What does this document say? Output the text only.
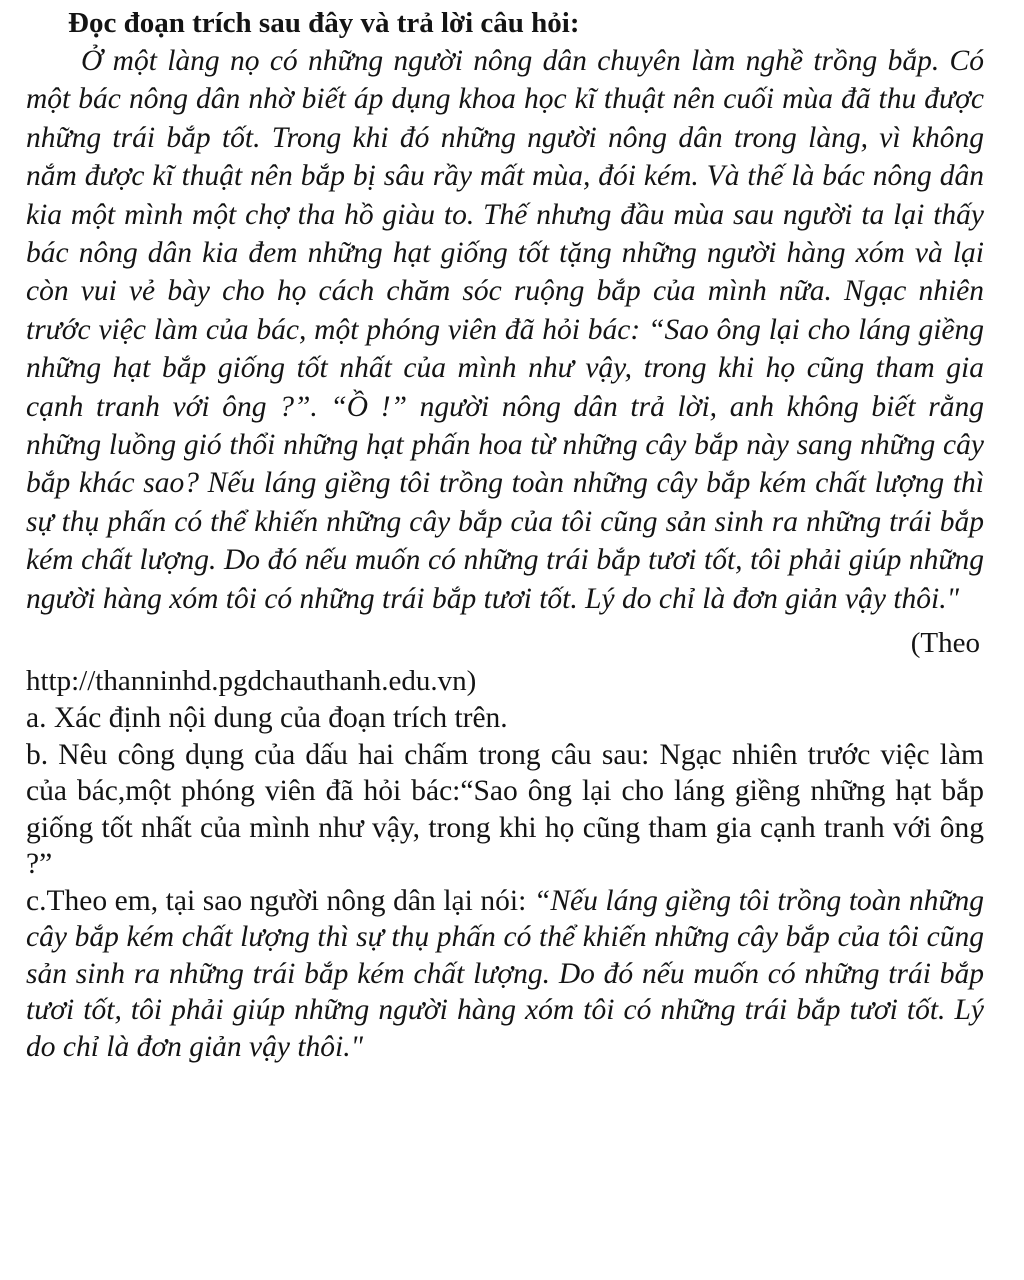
Đọc đoạn trích sau đây và trả lời câu hỏi:

Ở một làng nọ có những người nông dân chuyên làm nghề trồng bắp. Có một bác nông dân nhờ biết áp dụng khoa học kĩ thuật nên cuối mùa đã thu được những trái bắp tốt. Trong khi đó những người nông dân trong làng, vì không nắm được kĩ thuật nên bắp bị sâu rầy mất mùa, đói kém. Và thế là bác nông dân kia một mình một chợ tha hồ giàu to. Thế nhưng đầu mùa sau người ta lại thấy bác nông dân kia đem những hạt giống tốt tặng những người hàng xóm và lại còn vui vẻ bày cho họ cách chăm sóc ruộng bắp của mình nữa. Ngạc nhiên trước việc làm của bác, một phóng viên đã hỏi bác: “Sao ông lại cho láng giềng những hạt bắp giống tốt nhất của mình như vậy, trong khi họ cũng tham gia cạnh tranh với ông ?”. “Ồ !” người nông dân trả lời, anh không biết rằng những luồng gió thổi những hạt phấn hoa từ những cây bắp này sang những cây bắp khác sao? Nếu láng giềng tôi trồng toàn những cây bắp kém chất lượng thì sự thụ phấn có thể khiến những cây bắp của tôi cũng sản sinh ra những trái bắp kém chất lượng. Do đó nếu muốn có những trái bắp tươi tốt, tôi phải giúp những người hàng xóm tôi có những trái bắp tươi tốt. Lý do chỉ là đơn giản vậy thôi."

(Theo

http://thanninhd.pgdchauthanh.edu.vn)

a. Xác định nội dung của đoạn trích trên.

b. Nêu công dụng của dấu hai chấm trong câu sau: Ngạc nhiên trước việc làm của bác,một phóng viên đã hỏi bác:“Sao ông lại cho láng giềng những hạt bắp giống tốt nhất của mình như vậy, trong khi họ cũng tham gia cạnh tranh với ông ?”

c.Theo em, tại sao người nông dân lại nói: “Nếu láng giềng tôi trồng toàn những cây bắp kém chất lượng thì sự thụ phấn có thể khiến những cây bắp của tôi cũng sản sinh ra những trái bắp kém chất lượng. Do đó nếu muốn có những trái bắp tươi tốt, tôi phải giúp những người hàng xóm tôi có những trái bắp tươi tốt. Lý do chỉ là đơn giản vậy thôi."
